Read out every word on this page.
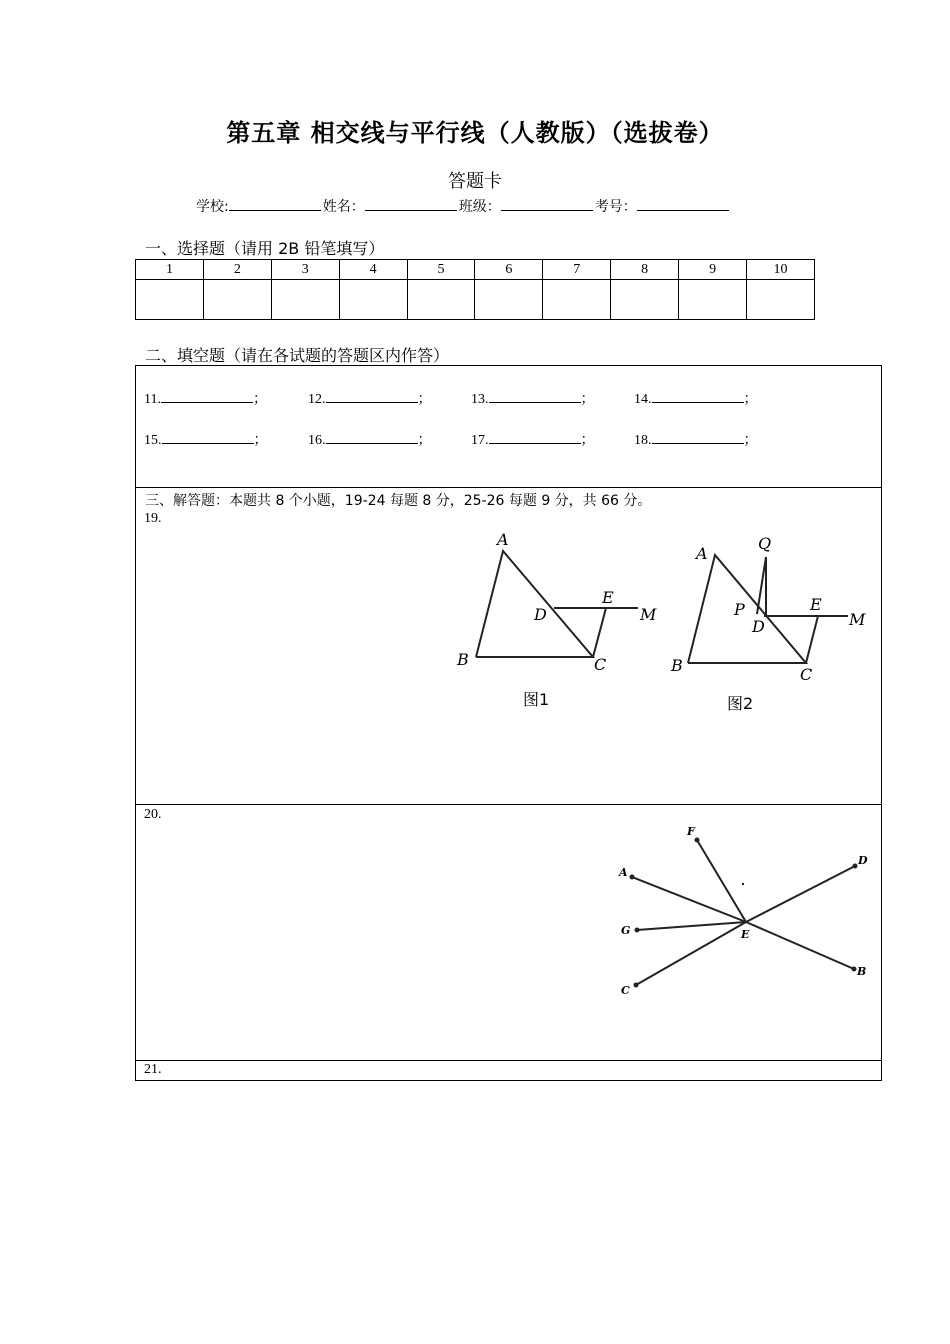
第五章 相交线与平行线（人教版）（选拔卷）
答题卡
学校:	姓名：	班级：	考号：
一、选择题（请用 2B 铅笔填写）
1	2	3	4	5	6	7	8	9	10

二、填空题（请在各试题的答题区内作答）
11.	；	12.	；	13.	；	14.	；
15.	；	16.	；	17.	；	18.	；
三、解答题：本题共 8 个小题，19-24 每题 8 分，25-26 每题 9 分，共 66 分。
19.
A
B	C
D
E
M
图1
A
Q
P
D
E
M
B	C
图2
20.
A
B
C
D
E
F
G
21.
